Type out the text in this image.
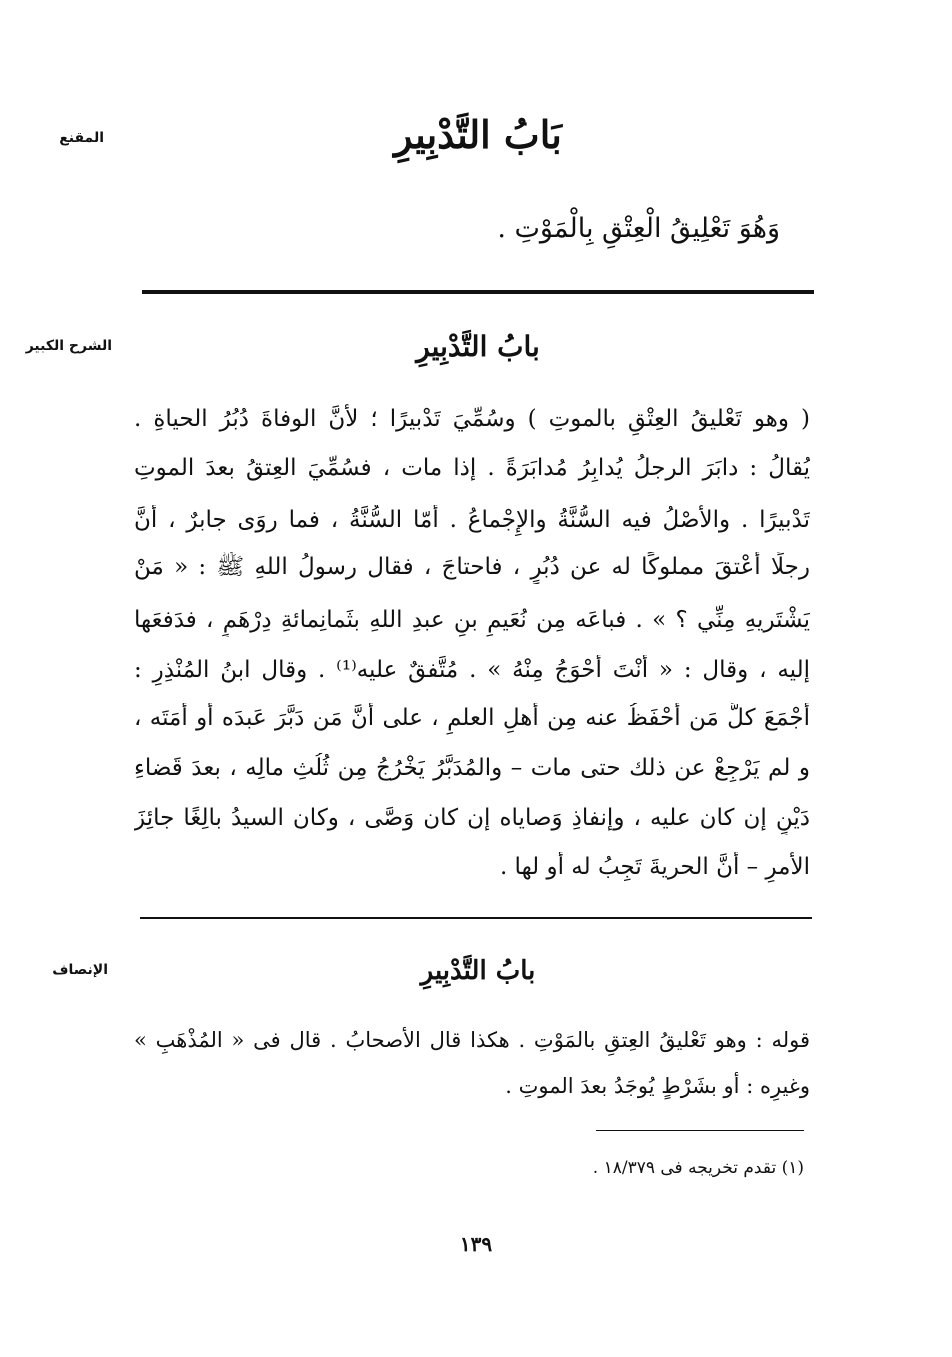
المقنع
الشرح الكبير
الإنصاف
بَابُ التَّدْبِيرِ
وَهُوَ تَعْلِيقُ الْعِتْقِ بِالْمَوْتِ .
بابُ التَّدْبِيرِ
( وهو تَعْليقُ العِتْقِ بالموتِ ) وسُمِّيَ تَدْبيرًا ؛ لأنَّ الوفاةَ دُبُرُ الحياةِ .
يُقالُ : دابَرَ الرجلُ يُدابِرُ مُدابَرَةً . إذا مات ، فسُمِّيَ العِتقُ بعدَ الموتِ
تَدْبيرًا . والأصْلُ فيه السُّنَّةُ والإِجْماعُ . أمّا السُّنَّةُ ، فما روَى جابرٌ ، أنَّ
رجلًا أعْتقَ مملوكًا له عن دُبُرٍ ، فاحتاجَ ، فقال رسولُ اللهِ ﷺ : « مَنْ
يَشْتَريهِ مِنِّي ؟ » . فباعَه مِن نُعَيمِ بنِ عبدِ اللهِ بثَمانِمائةِ دِرْهَمٍ ، فدَفعَها
إليه ، وقال : « أنْتَ أحْوَجُ مِنْهُ » . مُتَّفقٌ عليه⁽¹⁾ . وقال ابنُ المُنْذِرِ :
أجْمَعَ كلُّ مَن أحْفَظُ عنه مِن أهلِ العلمِ ، على أنَّ مَن دَبَّرَ عَبدَه أو أمَتَه ،
و لم يَرْجِعْ عن ذلك حتى مات – والمُدَبَّرُ يَخْرُجُ مِن ثُلُثِ مالِه ، بعدَ قَضاءِ
دَيْنٍ إن كان عليه ، وإنفاذِ وَصاياه إن كان وَصَّى ، وكان السيدُ بالِغًا جائِزَ
الأمرِ – أنَّ الحريةَ تَجِبُ له أو لها .
بابُ التَّدْبِيرِ
قوله : وهو تَعْليقُ العِتقِ بالمَوْتِ . هكذا قال الأصحابُ . قال فى « المُذْهَبِ »
وغيرِه : أو بشَرْطٍ يُوجَدُ بعدَ الموتِ .
(١) تقدم تخريجه فى ١٨/٣٧٩ .
١٣٩
